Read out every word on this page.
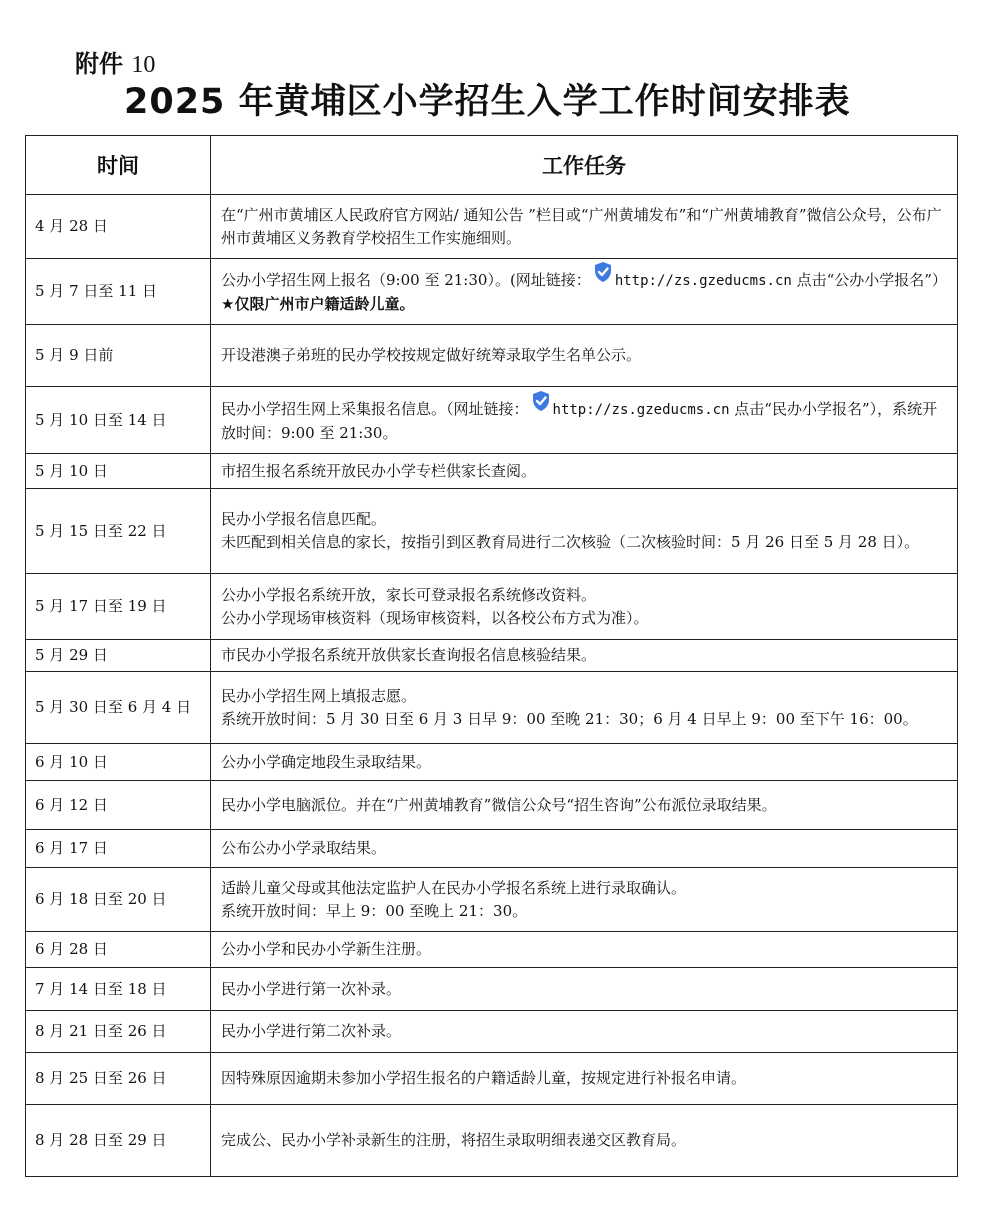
附件 10
2025 年黄埔区小学招生入学工作时间安排表
时间	工作任务
4 月 28 日	在“广州市黄埔区人民政府官方网站/ 通知公告 ”栏目或“广州黄埔发布”和“广州黄埔教育”微信公众号，公布广州市黄埔区义务教育学校招生工作实施细则。

5 月 7 日至 11 日	公办小学招生网上报名（9:00 至 21:30）。(网址链接： http://zs.gzeducms.cn 点击“公办小学报名”）★仅限广州市户籍适龄儿童。
5 月 9 日前	开设港澳子弟班的民办学校按规定做好统筹录取学生名单公示。

5 月 10 日至 14 日	民办小学招生网上采集报名信息。（网址链接： http://zs.gzeducms.cn 点击“民办小学报名”），系统开放时间：9:00 至 21:30。
5 月 10 日	市招生报名系统开放民办小学专栏供家长查阅。

5 月 15 日至 22 日	民办小学报名信息匹配。
未匹配到相关信息的家长，按指引到区教育局进行二次核验（二次核验时间：5 月 26 日至 5 月 28 日）。

5 月 17 日至 19 日	公办小学报名系统开放，家长可登录报名系统修改资料。
公办小学现场审核资料（现场审核资料，以各校公布方式为准）。

5 月 29 日	市民办小学报名系统开放供家长查询报名信息核验结果。

5 月 30 日至 6 月 4 日	民办小学招生网上填报志愿。
系统开放时间：5 月 30 日至 6 月 3 日早 9：00 至晚 21：30；6 月 4 日早上 9：00 至下午 16：00。

6 月 10 日	公办小学确定地段生录取结果。

6 月 12 日	民办小学电脑派位。并在“广州黄埔教育”微信公众号“招生咨询”公布派位录取结果。

6 月 17 日	公布公办小学录取结果。

6 月 18 日至 20 日	适龄儿童父母或其他法定监护人在民办小学报名系统上进行录取确认。
系统开放时间：早上 9：00 至晚上 21：30。

6 月 28 日	公办小学和民办小学新生注册。

7 月 14 日至 18 日	民办小学进行第一次补录。

8 月 21 日至 26 日	民办小学进行第二次补录。

8 月 25 日至 26 日	因特殊原因逾期未参加小学招生报名的户籍适龄儿童，按规定进行补报名申请。

8 月 28 日至 29 日	完成公、民办小学补录新生的注册，将招生录取明细表递交区教育局。
